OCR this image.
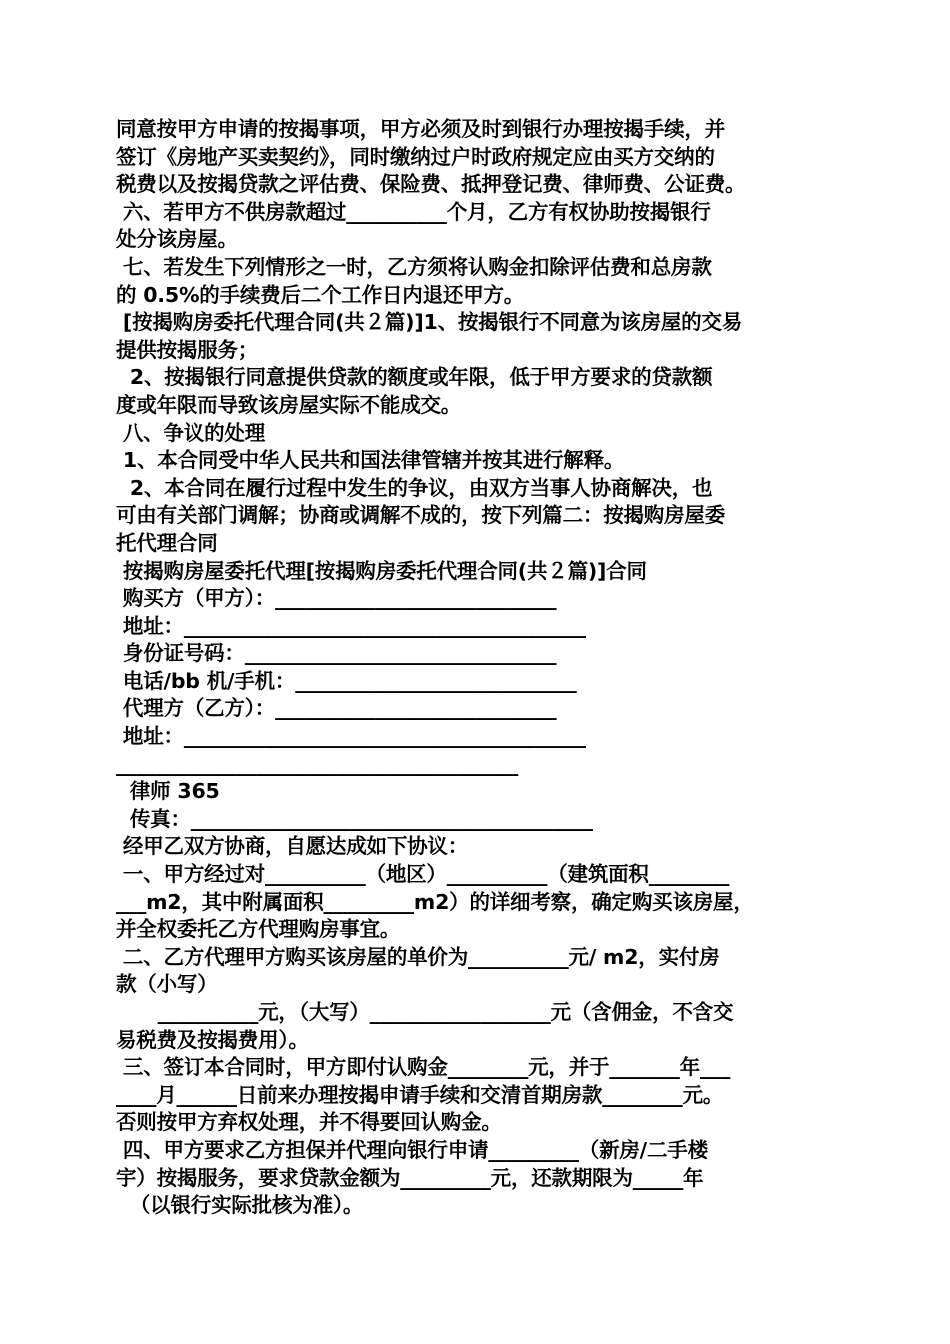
同意按甲方申请的按揭事项，甲方必须及时到银行办理按揭手续，并
签订《房地产买卖契约》，同时缴纳过户时政府规定应由买方交纳的
税费以及按揭贷款之评估费、保险费、抵押登记费、律师费、公证费。
六、若甲方不供房款超过__________个月，乙方有权协助按揭银行
处分该房屋。
七、若发生下列情形之一时，乙方须将认购金扣除评估费和总房款
的 0.5%的手续费后二个工作日内退还甲方。
[按揭购房委托代理合同(共２篇)]1、按揭银行不同意为该房屋的交易
提供按揭服务；
2、按揭银行同意提供贷款的额度或年限，低于甲方要求的贷款额
度或年限而导致该房屋实际不能成交。
八、争议的处理
1、本合同受中华人民共和国法律管辖并按其进行解释。
2、本合同在履行过程中发生的争议，由双方当事人协商解决，也
可由有关部门调解；协商或调解不成的，按下列篇二：按揭购房屋委
托代理合同
按揭购房屋委托代理[按揭购房委托代理合同(共２篇)]合同
购买方（甲方）：____________________________
地址：________________________________________
身份证号码：_______________________________
电话/bb 机/手机：____________________________
代理方（乙方）：____________________________
地址：________________________________________
________________________________________
律师 365
传真：________________________________________
经甲乙双方协商，自愿达成如下协议：
一、甲方经过对__________（地区）__________（建筑面积________
___m2，其中附属面积_________m2）的详细考察，确定购买该房屋，
并全权委托乙方代理购房事宜。
二、乙方代理甲方购买该房屋的单价为__________元/ m2，实付房
款（小写）
__________元，（大写）__________________元（含佣金，不含交
易税费及按揭费用）。
三、签订本合同时，甲方即付认购金________元，并于_______年___
____月______日前来办理按揭申请手续和交清首期房款________元。
否则按甲方弃权处理，并不得要回认购金。
四、甲方要求乙方担保并代理向银行申请_________（新房/二手楼
宇）按揭服务，要求贷款金额为_________元，还款期限为_____年
（以银行实际批核为准）。
